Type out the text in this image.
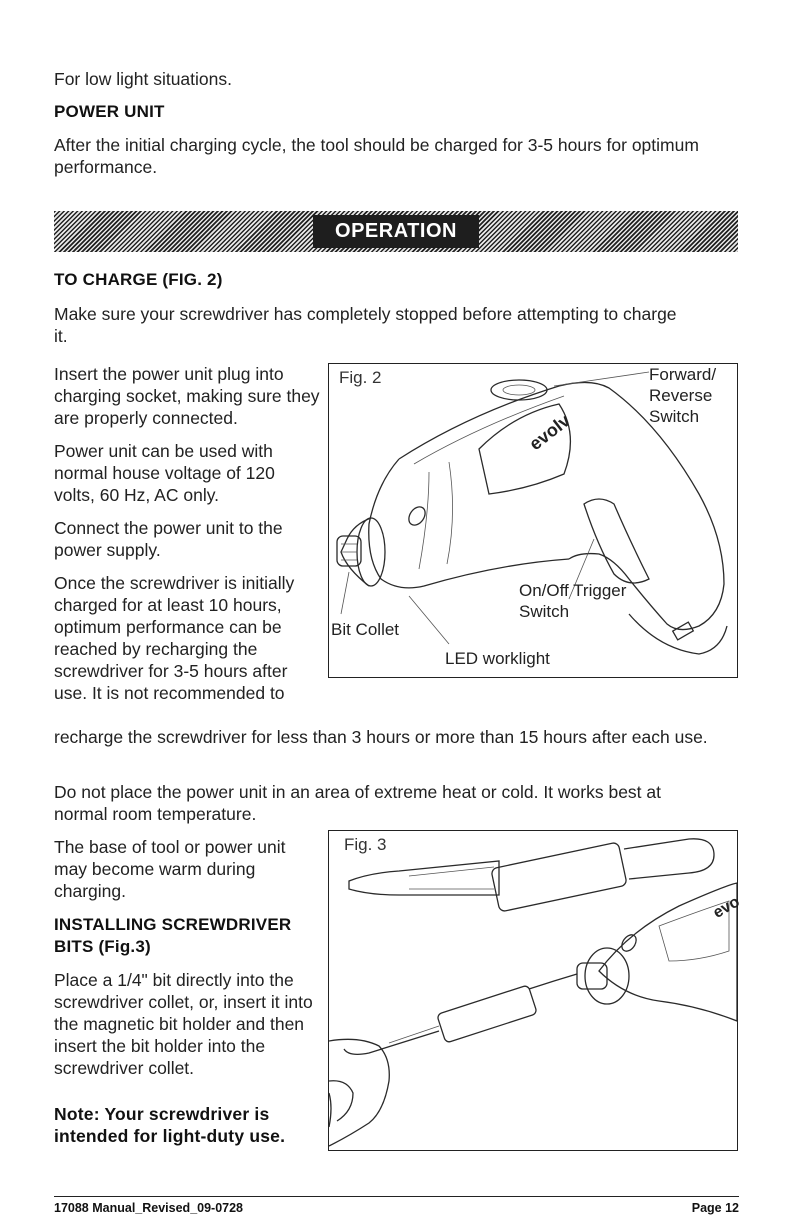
For low light situations.

POWER UNIT

After the initial charging cycle, the tool should be charged for 3-5 hours for optimum performance.

OPERATION
TO CHARGE (FIG. 2)

Make sure your screwdriver has completely stopped before attempting to charge it.

Insert the power unit plug into charging socket, making sure they are properly connected.

Power unit can be used with normal house voltage of 120 volts, 60 Hz, AC only.

Connect the power unit to the power supply.

Once the screwdriver is initially charged for at least 10 hours, optimum performance can be reached by recharging the screwdriver for 3-5 hours after use. It is not recommended to

recharge the screwdriver for less than 3 hours or more than 15 hours after each use.

Do not place the power unit in an area of extreme heat or cold. It works best at

normal room temperature.

The base of tool or power unit may become warm during charging.

INSTALLING SCREWDRIVER BITS (Fig.3)

Place a 1/4" bit directly into the screwdriver collet, or, insert it into the magnetic bit holder and then insert the bit holder into the screwdriver collet.

Note: Your screwdriver is intended for light-duty use.

Fig. 2
evolv
Forward/ Reverse Switch
On/Off Trigger Switch
Bit Collet
LED worklight
Fig. 3
evo
17088 Manual_Revised_09-0728	Page 12
